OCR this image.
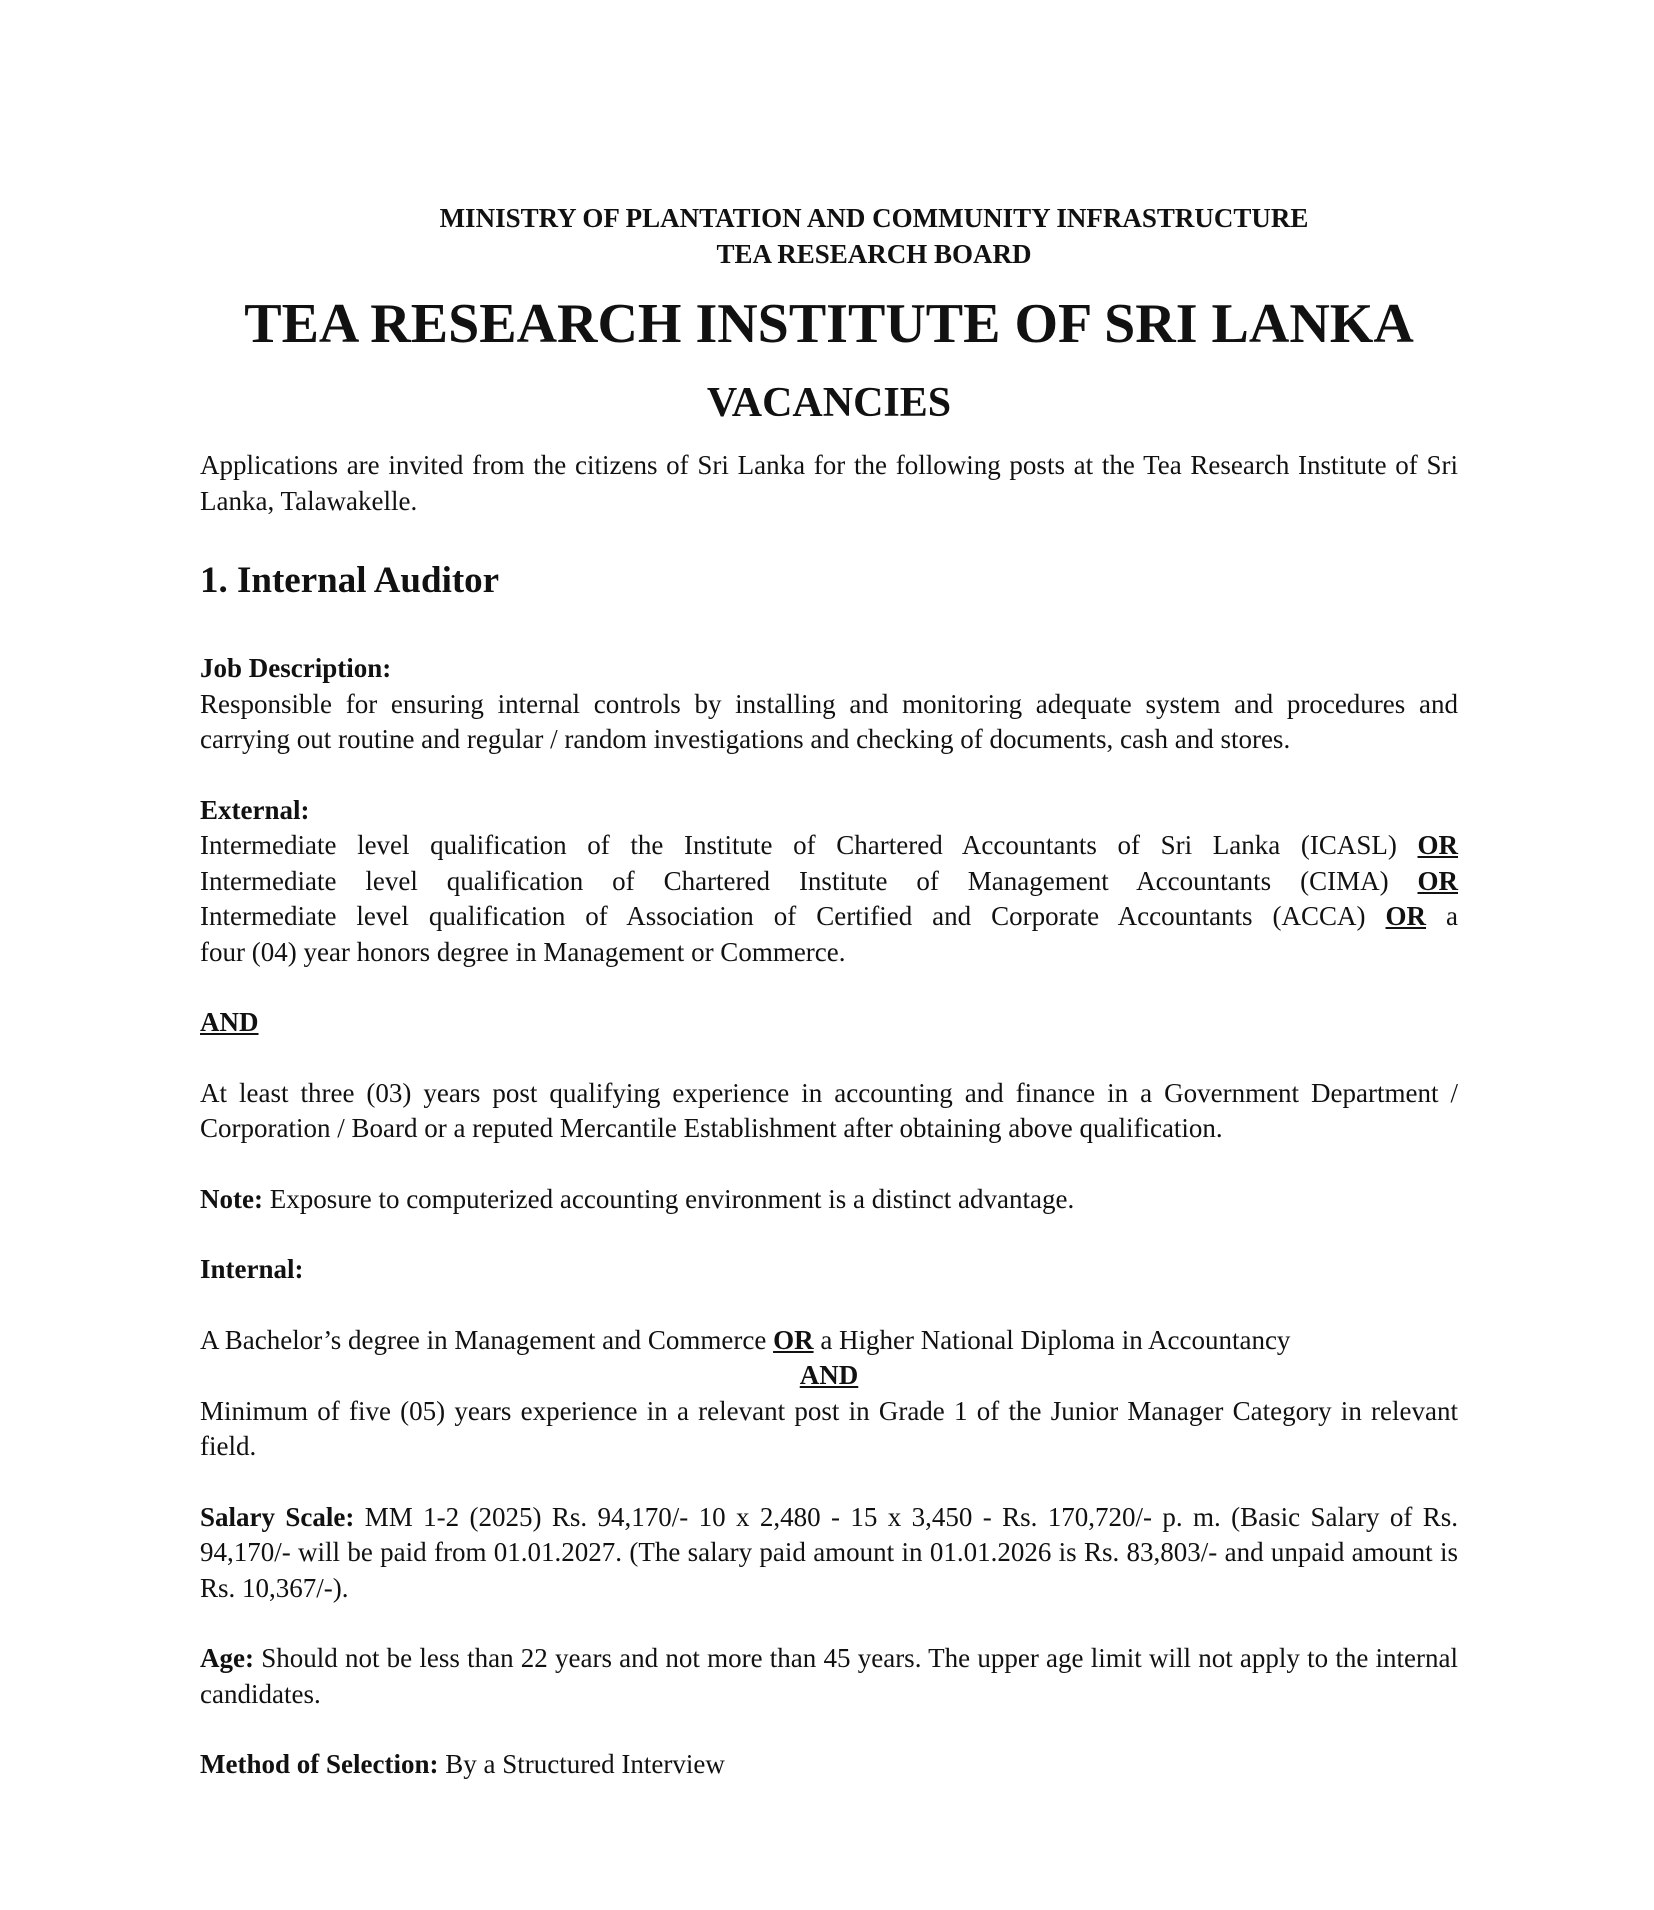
MINISTRY OF PLANTATION AND COMMUNITY INFRASTRUCTURE
TEA RESEARCH BOARD
TEA RESEARCH INSTITUTE OF SRI LANKA
VACANCIES

Applications are invited from the citizens of Sri Lanka for the following posts at the Tea Research Institute of Sri Lanka, Talawakelle.

1. Internal Auditor

Job Description:

Responsible for ensuring internal controls by installing and monitoring adequate system and procedures and carrying out routine and regular / random investigations and checking of documents, cash and stores.

External:

Intermediate level qualification of the Institute of Chartered Accountants of Sri Lanka (ICASL) OR

Intermediate level qualification of Chartered Institute of Management Accountants (CIMA) OR

Intermediate level qualification of Association of Certified and Corporate Accountants (ACCA) OR a

four (04) year honors degree in Management or Commerce.

AND

At least three (03) years post qualifying experience in accounting and finance in a Government Department / Corporation / Board or a reputed Mercantile Establishment after obtaining above qualification.

Note: Exposure to computerized accounting environment is a distinct advantage.

Internal:

A Bachelor’s degree in Management and Commerce OR a Higher National Diploma in Accountancy

AND

Minimum of five (05) years experience in a relevant post in Grade 1 of the Junior Manager Category in relevant field.

Salary Scale: MM 1-2 (2025) Rs. 94,170/- 10 x 2,480 - 15 x 3,450 - Rs. 170,720/- p. m. (Basic Salary of Rs. 94,170/- will be paid from 01.01.2027. (The salary paid amount in 01.01.2026 is Rs. 83,803/- and unpaid amount is Rs. 10,367/-).

Age: Should not be less than 22 years and not more than 45 years. The upper age limit will not apply to the internal candidates.

Method of Selection: By a Structured Interview
